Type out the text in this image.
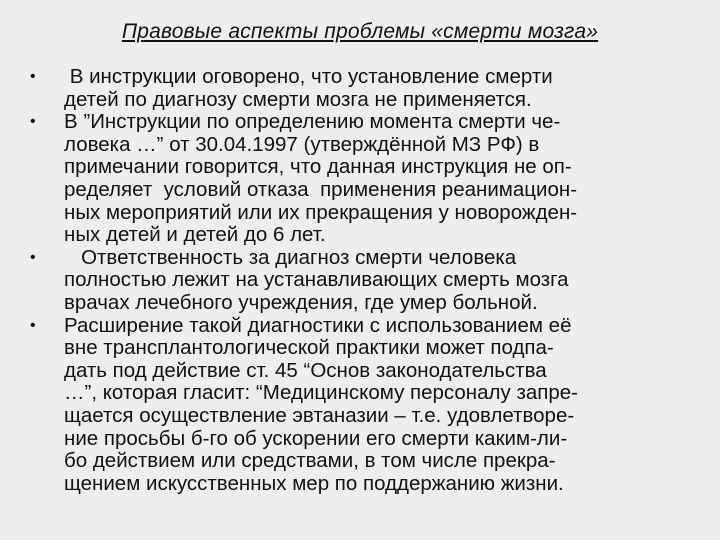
Правовые аспекты проблемы «смерти мозга»
•	В инструкции оговорено, что установление смерти
детей по диагнозу смерти мозга не применяется.
•	В ”Инструкции по определению момента смерти че-
ловека …” от 30.04.1997 (утверждённой МЗ РФ) в
примечании говорится, что данная инструкция не оп-
ределяет  условий отказа  применения реанимацион-
ных мероприятий или их прекращения у новорожден-
ных детей и детей до 6 лет.
•	Ответственность за диагноз смерти человека
полностью лежит на устанавливающих смерть мозга
врачах лечебного учреждения, где умер больной.
•	Расширение такой диагностики с использованием её
вне трансплантологической практики может подпа-
дать под действие ст. 45 “Основ законодательства
…”, которая гласит: “Медицинскому персоналу запре-
щается осуществление эвтаназии – т.е. удовлетворе-
ние просьбы б-го об ускорении его смерти каким-ли-
бо действием или средствами, в том числе прекра-
щением искусственных мер по поддержанию жизни.
